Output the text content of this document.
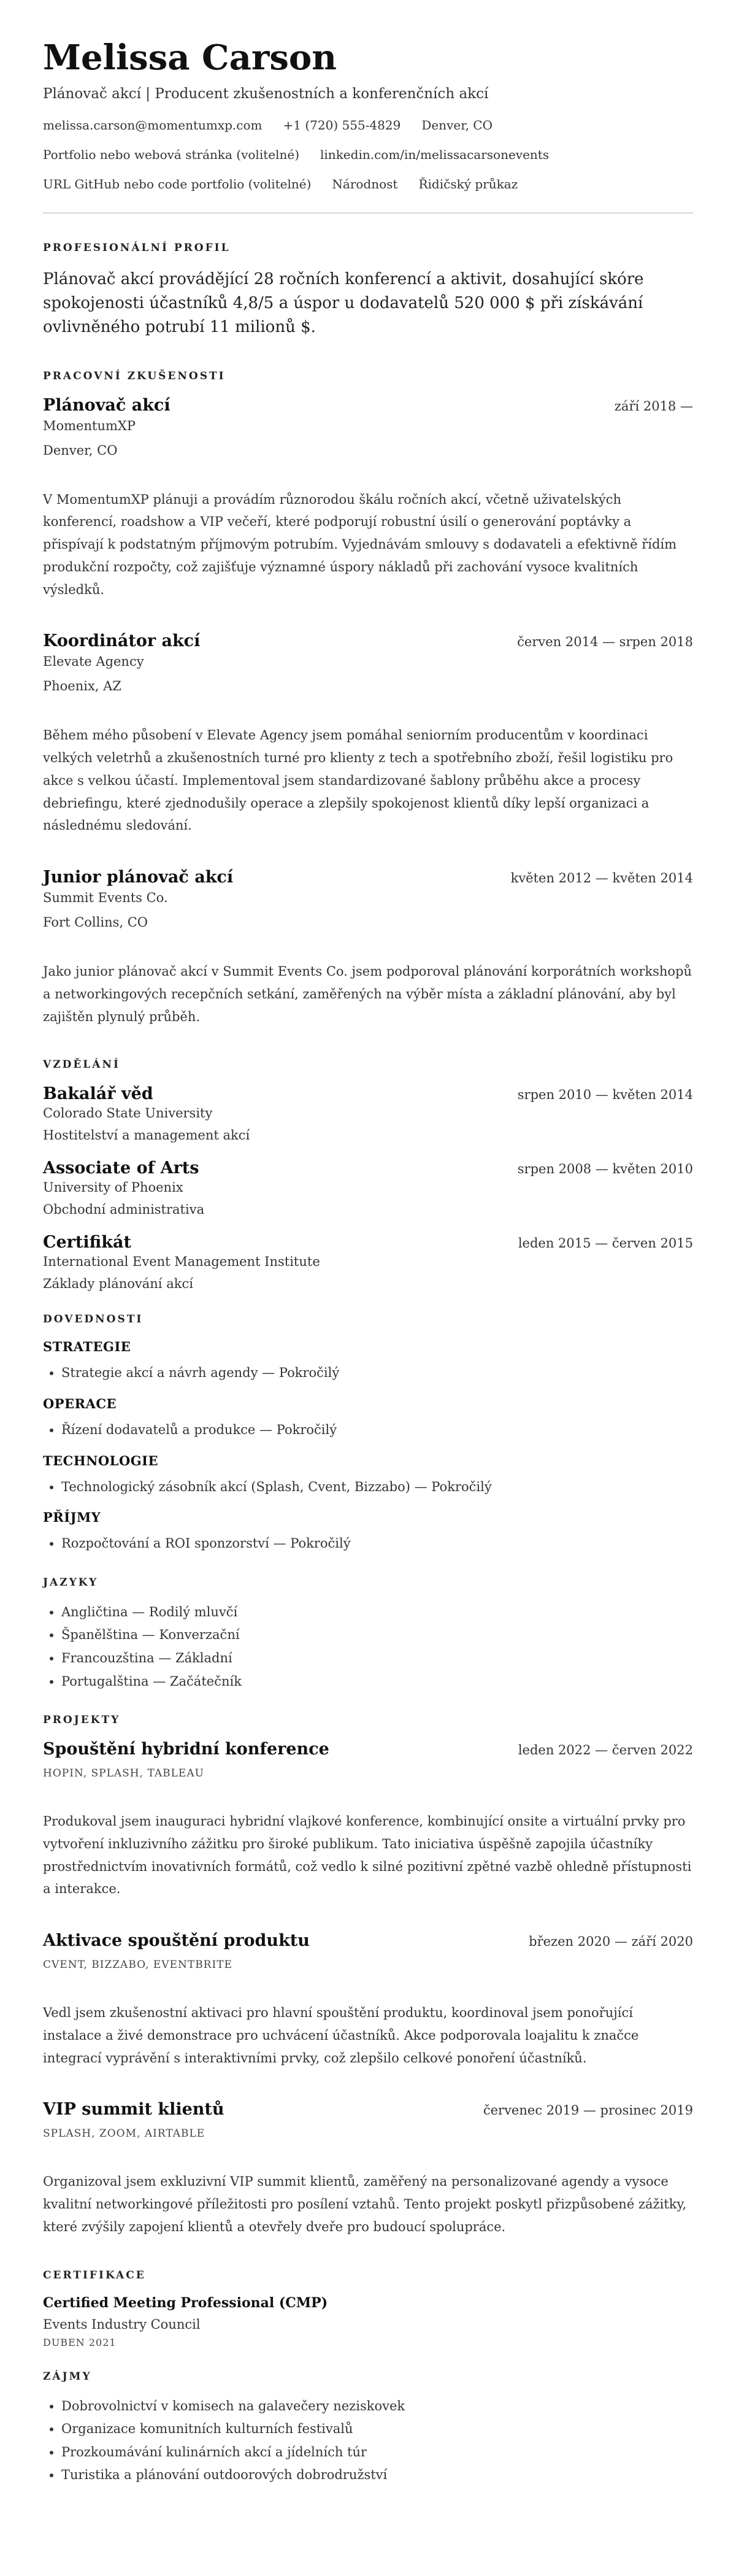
Melissa Carson
Plánovač akcí | Producent zkušenostních a konferenčních akcí
melissa.carson@momentumxp.com +1 (720) 555-4829 Denver, CO
Portfolio nebo webová stránka (volitelné) linkedin.com/in/melissacarsonevents
URL GitHub nebo code portfolio (volitelné) Národnost Řidičský průkaz
PROFESIONÁLNÍ PROFIL
Plánovač akcí provádějící 28 ročních konferencí a aktivit, dosahující skóre spokojenosti účastníků 4,8/5 a úspor u dodavatelů 520 000 $ při získávání ovlivněného potrubí 11 milionů $.
PRACOVNÍ ZKUŠENOSTI
Plánovač akcí	září 2018 —
MomentumXP
Denver, CO
V MomentumXP plánuji a provádím různorodou škálu ročních akcí, včetně uživatelských konferencí, roadshow a VIP večeří, které podporují robustní úsilí o generování poptávky a přispívají k podstatným příjmovým potrubím. Vyjednávám smlouvy s dodavateli a efektivně řídím produkční rozpočty, což zajišťuje významné úspory nákladů při zachování vysoce kvalitních výsledků.
Koordinátor akcí	červen 2014 — srpen 2018
Elevate Agency
Phoenix, AZ
Během mého působení v Elevate Agency jsem pomáhal seniorním producentům v koordinaci velkých veletrhů a zkušenostních turné pro klienty z tech a spotřebního zboží, řešil logistiku pro akce s velkou účastí. Implementoval jsem standardizované šablony průběhu akce a procesy debriefingu, které zjednodušily operace a zlepšily spokojenost klientů díky lepší organizaci a následnému sledování.
Junior plánovač akcí	květen 2012 — květen 2014
Summit Events Co.
Fort Collins, CO
Jako junior plánovač akcí v Summit Events Co. jsem podporoval plánování korporátních workshopů a networkingových recepčních setkání, zaměřených na výběr místa a základní plánování, aby byl zajištěn plynulý průběh.
VZDĚLÁNÍ
Bakalář věd	srpen 2010 — květen 2014
Colorado State University
Hostitelství a management akcí
Associate of Arts	srpen 2008 — květen 2010
University of Phoenix
Obchodní administrativa
Certifikát	leden 2015 — červen 2015
International Event Management Institute
Základy plánování akcí
DOVEDNOSTI
STRATEGIE
• Strategie akcí a návrh agendy — Pokročilý
OPERACE
• Řízení dodavatelů a produkce — Pokročilý
TECHNOLOGIE
• Technologický zásobník akcí (Splash, Cvent, Bizzabo) — Pokročilý
PŘÍJMY
• Rozpočtování a ROI sponzorství — Pokročilý
JAZYKY
• Angličtina — Rodilý mluvčí
• Španělština — Konverzační
• Francouzština — Základní
• Portugalština — Začátečník
PROJEKTY
Spouštění hybridní konference	leden 2022 — červen 2022
HOPIN, SPLASH, TABLEAU
Produkoval jsem inauguraci hybridní vlajkové konference, kombinující onsite a virtuální prvky pro vytvoření inkluzivního zážitku pro široké publikum. Tato iniciativa úspěšně zapojila účastníky prostřednictvím inovativních formátů, což vedlo k silné pozitivní zpětné vazbě ohledně přístupnosti a interakce.
Aktivace spouštění produktu	březen 2020 — září 2020
CVENT, BIZZABO, EVENTBRITE
Vedl jsem zkušenostní aktivaci pro hlavní spouštění produktu, koordinoval jsem ponořující instalace a živé demonstrace pro uchvácení účastníků. Akce podporovala loajalitu k značce integrací vyprávění s interaktivními prvky, což zlepšilo celkové ponoření účastníků.
VIP summit klientů	červenec 2019 — prosinec 2019
SPLASH, ZOOM, AIRTABLE
Organizoval jsem exkluzivní VIP summit klientů, zaměřený na personalizované agendy a vysoce kvalitní networkingové příležitosti pro posílení vztahů. Tento projekt poskytl přizpůsobené zážitky, které zvýšily zapojení klientů a otevřely dveře pro budoucí spolupráce.
CERTIFIKACE
Certified Meeting Professional (CMP)
Events Industry Council
DUBEN 2021
ZÁJMY
• Dobrovolnictví v komisech na galavečery neziskovek
• Organizace komunitních kulturních festivalů
• Prozkoumávání kulinárních akcí a jídelních túr
• Turistika a plánování outdoorových dobrodružství
